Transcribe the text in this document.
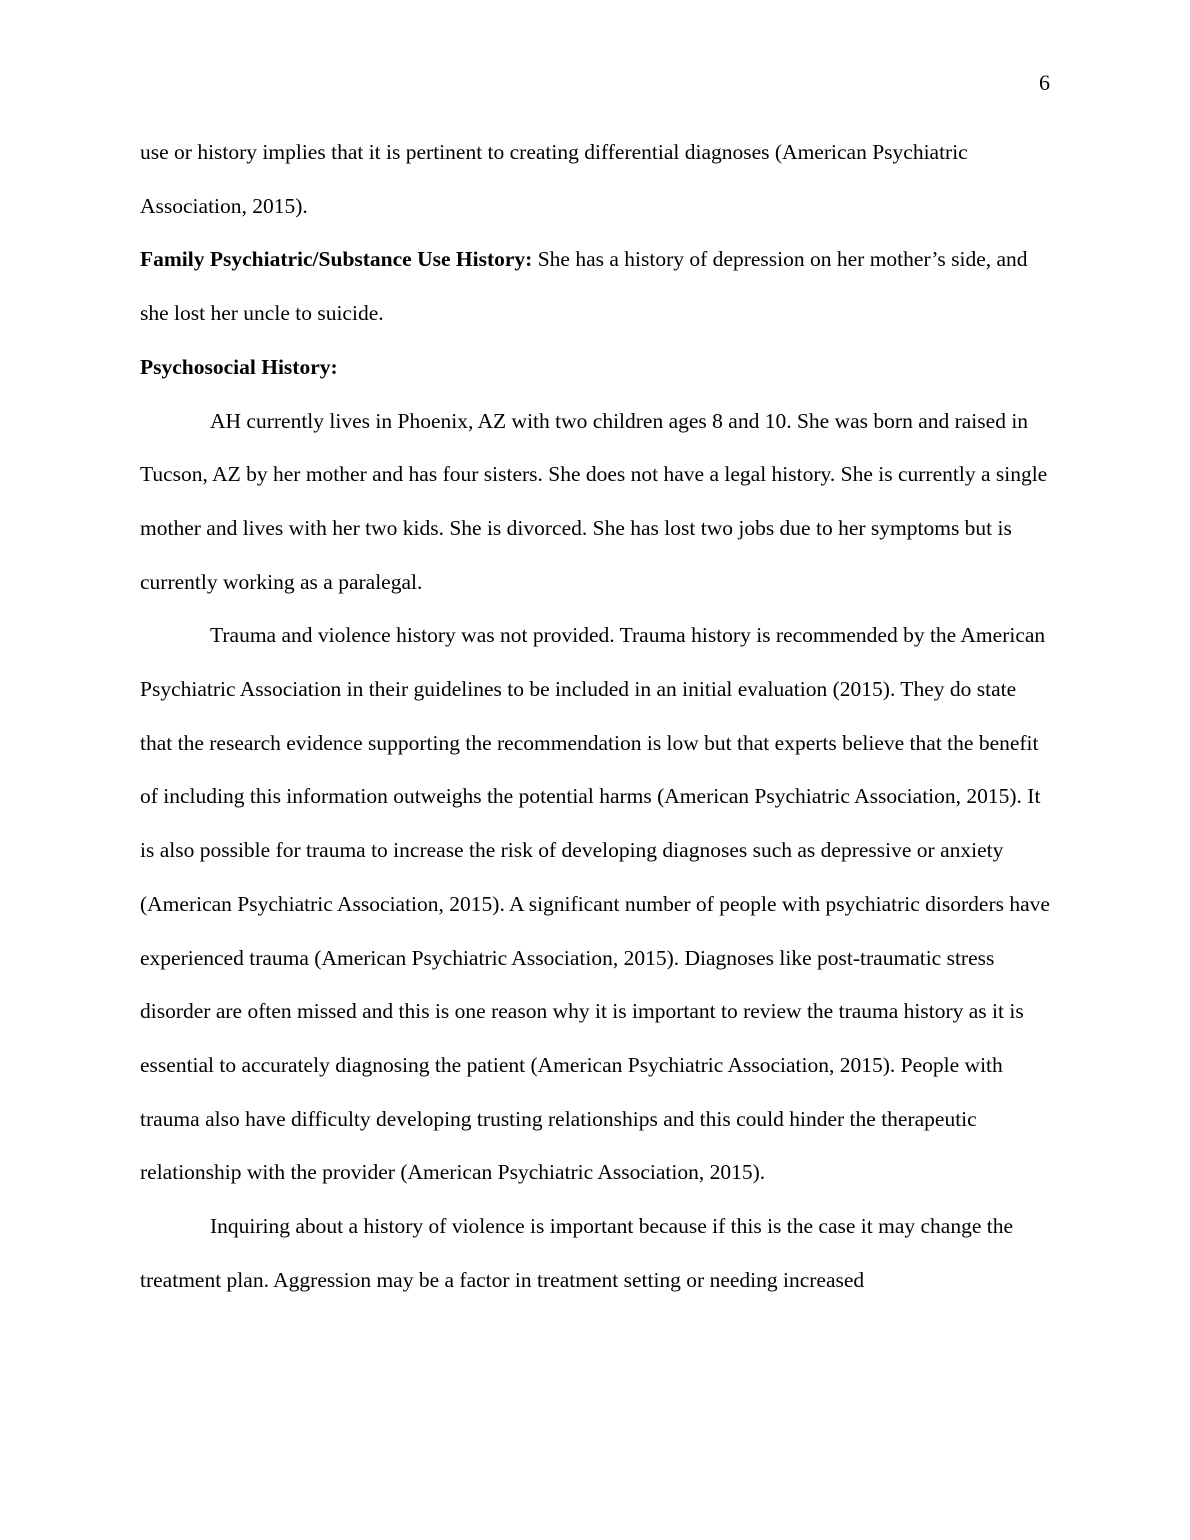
6

use or history implies that it is pertinent to creating differential diagnoses (American Psychiatric Association, 2015).

Family Psychiatric/Substance Use History: She has a history of depression on her mother’s side, and she lost her uncle to suicide.

Psychosocial History:

AH currently lives in Phoenix, AZ with two children ages 8 and 10. She was born and raised in Tucson, AZ by her mother and has four sisters. She does not have a legal history. She is currently a single mother and lives with her two kids. She is divorced. She has lost two jobs due to her symptoms but is currently working as a paralegal.

Trauma and violence history was not provided. Trauma history is recommended by the American Psychiatric Association in their guidelines to be included in an initial evaluation (2015). They do state that the research evidence supporting the recommendation is low but that experts believe that the benefit of including this information outweighs the potential harms (American Psychiatric Association, 2015). It is also possible for trauma to increase the risk of developing diagnoses such as depressive or anxiety (American Psychiatric Association, 2015). A significant number of people with psychiatric disorders have experienced trauma (American Psychiatric Association, 2015). Diagnoses like post-traumatic stress disorder are often missed and this is one reason why it is important to review the trauma history as it is essential to accurately diagnosing the patient (American Psychiatric Association, 2015). People with trauma also have difficulty developing trusting relationships and this could hinder the therapeutic relationship with the provider (American Psychiatric Association, 2015).

Inquiring about a history of violence is important because if this is the case it may change the treatment plan. Aggression may be a factor in treatment setting or needing increased
